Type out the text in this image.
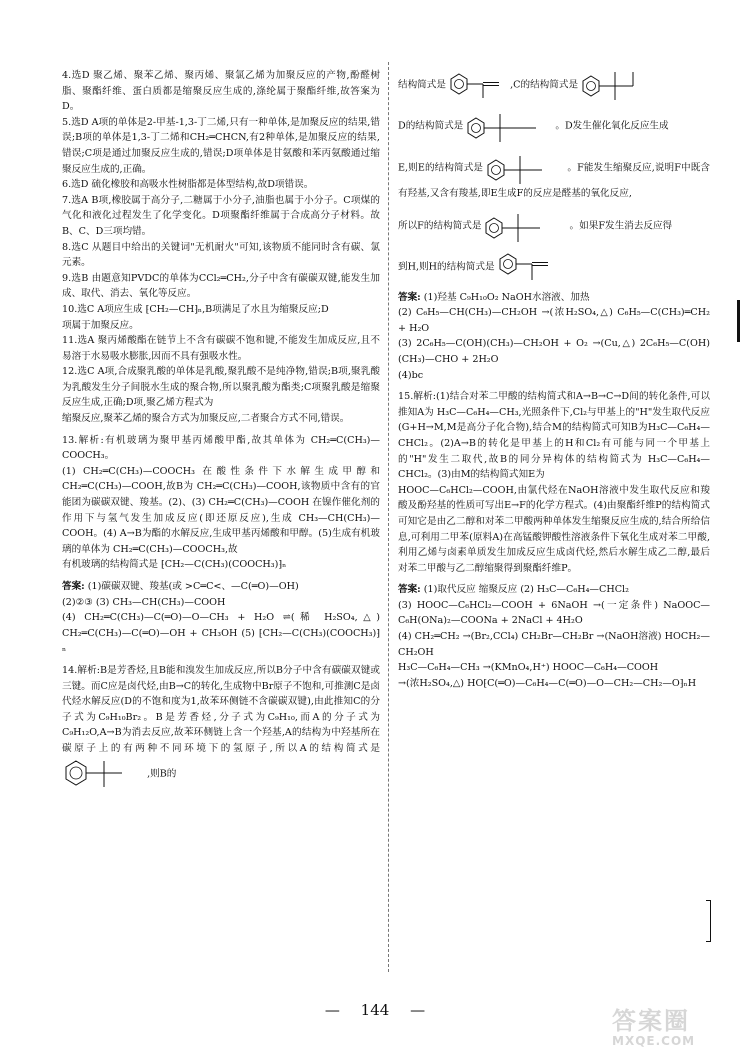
4.选D 聚乙烯、聚苯乙烯、聚丙烯、聚氯乙烯为加聚反应的产物,酚醛树脂、聚酯纤维、蛋白质都是缩聚反应生成的,涤纶属于聚酯纤维,故答案为D。

5.选D A项的单体是2-甲基-1,3-丁二烯,只有一种单体,是加聚反应的结果,错误;B项的单体是1,3-丁二烯和CH₂═CHCN,有2种单体,是加聚反应的结果,错误;C项是通过加聚反应生成的,错误;D项单体是甘氨酸和苯丙氨酸通过缩聚反应生成的,正确。

6.选D 硫化橡胶和高吸水性树脂都是体型结构,故D项错误。

7.选A B项,橡胶属于高分子,二糖属于小分子,油脂也属于小分子。C项煤的气化和液化过程发生了化学变化。D项聚酯纤维属于合成高分子材料。故B、C、D三项均错。

8.选C 从题目中给出的关键词"无机耐火"可知,该物质不能同时含有碳、氯元素。

9.选B 由题意知PVDC的单体为CCl₂═CH₂,分子中含有碳碳双键,能发生加成、取代、消去、氧化等反应。

10.选C A项应生成 ⁅CH₂—CH⁆ₙ,B项满足了水且为缩聚反应;D

项属于加聚反应。

11.选A 聚丙烯酸酯在链节上不含有碳碳不饱和键,不能发生加成反应,且不易溶于水易吸水膨胀,因而不具有强吸水性。

12.选C A项,合成聚乳酸的单体是乳酸,聚乳酸不是纯净物,错误;B项,聚乳酸为乳酸发生分子间脱水生成的聚合物,所以聚乳酸为酯类;C项聚乳酸是缩聚反应生成,正确;D项,聚乙烯方程式为

缩聚反应,聚苯乙烯的聚合方式为加聚反应,二者聚合方式不同,错误。

13.解析:有机玻璃为聚甲基丙烯酸甲酯,故其单体为 CH₂═C(CH₃)—COOCH₃。

(1) CH₂═C(CH₃)—COOCH₃ 在酸性条件下水解生成甲醇和 CH₂═C(CH₃)—COOH,故B为 CH₂═C(CH₃)—COOH,该物质中含有的官能团为碳碳双键、羧基。(2)、(3) CH₂═C(CH₃)—COOH 在镍作催化剂的作用下与氢气发生加成反应(即还原反应),生成 CH₃—CH(CH₃)—COOH。(4) A→B为酯的水解反应,生成甲基丙烯酸和甲醇。(5)生成有机玻璃的单体为 CH₂═C(CH₃)—COOCH₃,故

有机玻璃的结构简式是 ⁅CH₂—C(CH₃)(COOCH₃)⁆ₙ

答案: (1)碳碳双键、羧基(或 >C═C<、—C(═O)—OH)

(2)②③ (3) CH₃—CH(CH₃)—COOH

(4) CH₂═C(CH₃)—C(═O)—O—CH₃ + H₂O ⇌(稀 H₂SO₄,△) CH₂═C(CH₃)—C(═O)—OH + CH₃OH (5) ⁅CH₂—C(CH₃)(COOCH₃)⁆ₙ

14.解析:B是芳香烃,且B能和溴发生加成反应,所以B分子中含有碳碳双键或三键。而C应是卤代烃,由B→C的转化,生成物中Br原子不饱和,可推测C是卤代烃水解反应(D的不饱和度为1,故苯环侧链不含碳碳双键),由此推知C的分子式为C₉H₁₀Br₂。B是芳香烃,分子式为C₉H₁₀,而A的分子式为C₉H₁₂O,A→B为消去反应,故苯环侧链上含一个羟基,A的结构为中羟基所在碳原子上的有两种不同环境下的氢原子,所以A的结构简式是  ,则B的

结构简式是	,C的结构简式是

D的结构简式是	。D发生催化氧化反应生成

E,则E的结构简式是	。F能发生缩聚反应,说明F中既含有羟基,又含有羧基,即E生成F的反应是醛基的氧化反应,

所以F的结构简式是	。如果F发生消去反应得

到H,则H的结构简式是

答案: (1)羟基 C₉H₁₀O₂ NaOH水溶液、加热

(2) C₆H₅—CH(CH₃)—CH₂OH →(浓H₂SO₄,△) C₆H₅—C(CH₃)═CH₂ + H₂O

(3) 2C₆H₅—C(OH)(CH₃)—CH₂OH + O₂ →(Cu,△) 2C₆H₅—C(OH)(CH₃)—CHO + 2H₂O

(4)bc

15.解析:(1)结合对苯二甲酸的结构简式和A→B→C→D间的转化条件,可以推知A为 H₃C—C₆H₄—CH₃,光照条件下,Cl₂与甲基上的"H"发生取代反应(G+H→M,M是高分子化合物),结合M的结构简式可知B为H₃C—C₆H₄—CHCl₂。(2)A→B的转化是甲基上的H和Cl₂有可能与同一个甲基上的"H"发生二取代,故B的同分异构体的结构简式为 H₃C—C₆H₄—CHCl₂。(3)由M的结构简式知E为

HOOC—C₆HCl₂—COOH,由氯代烃在NaOH溶液中发生取代反应和羧酸及酚羟基的性质可写出E→F的化学方程式。(4)由聚酯纤维P的结构简式可知它是由乙二醇和对苯二甲酸两种单体发生缩聚反应生成的,结合所给信息,可利用二甲苯(原料A)在高锰酸钾酸性溶液条件下氧化生成对苯二甲酸,利用乙烯与卤素单质发生加成反应生成卤代烃,然后水解生成乙二醇,最后对苯二甲酸与乙二醇缩聚得到聚酯纤维P。

答案: (1)取代反应 缩聚反应 (2) H₃C—C₆H₄—CHCl₂

(3) HOOC—C₆HCl₂—COOH + 6NaOH →(一定条件) NaOOC—C₆H(ONa)₂—COONa + 2NaCl + 4H₂O

(4) CH₂═CH₂ →(Br₂,CCl₄) CH₂Br—CH₂Br →(NaOH溶液) HOCH₂—CH₂OH

H₃C—C₆H₄—CH₃ →(KMnO₄,H⁺) HOOC—C₆H₄—COOH

→(浓H₂SO₄,△) HO⁅C(═O)—C₆H₄—C(═O)—O—CH₂—CH₂—O⁆ₙH

— 144 —	答案圈
MXQE.COM
